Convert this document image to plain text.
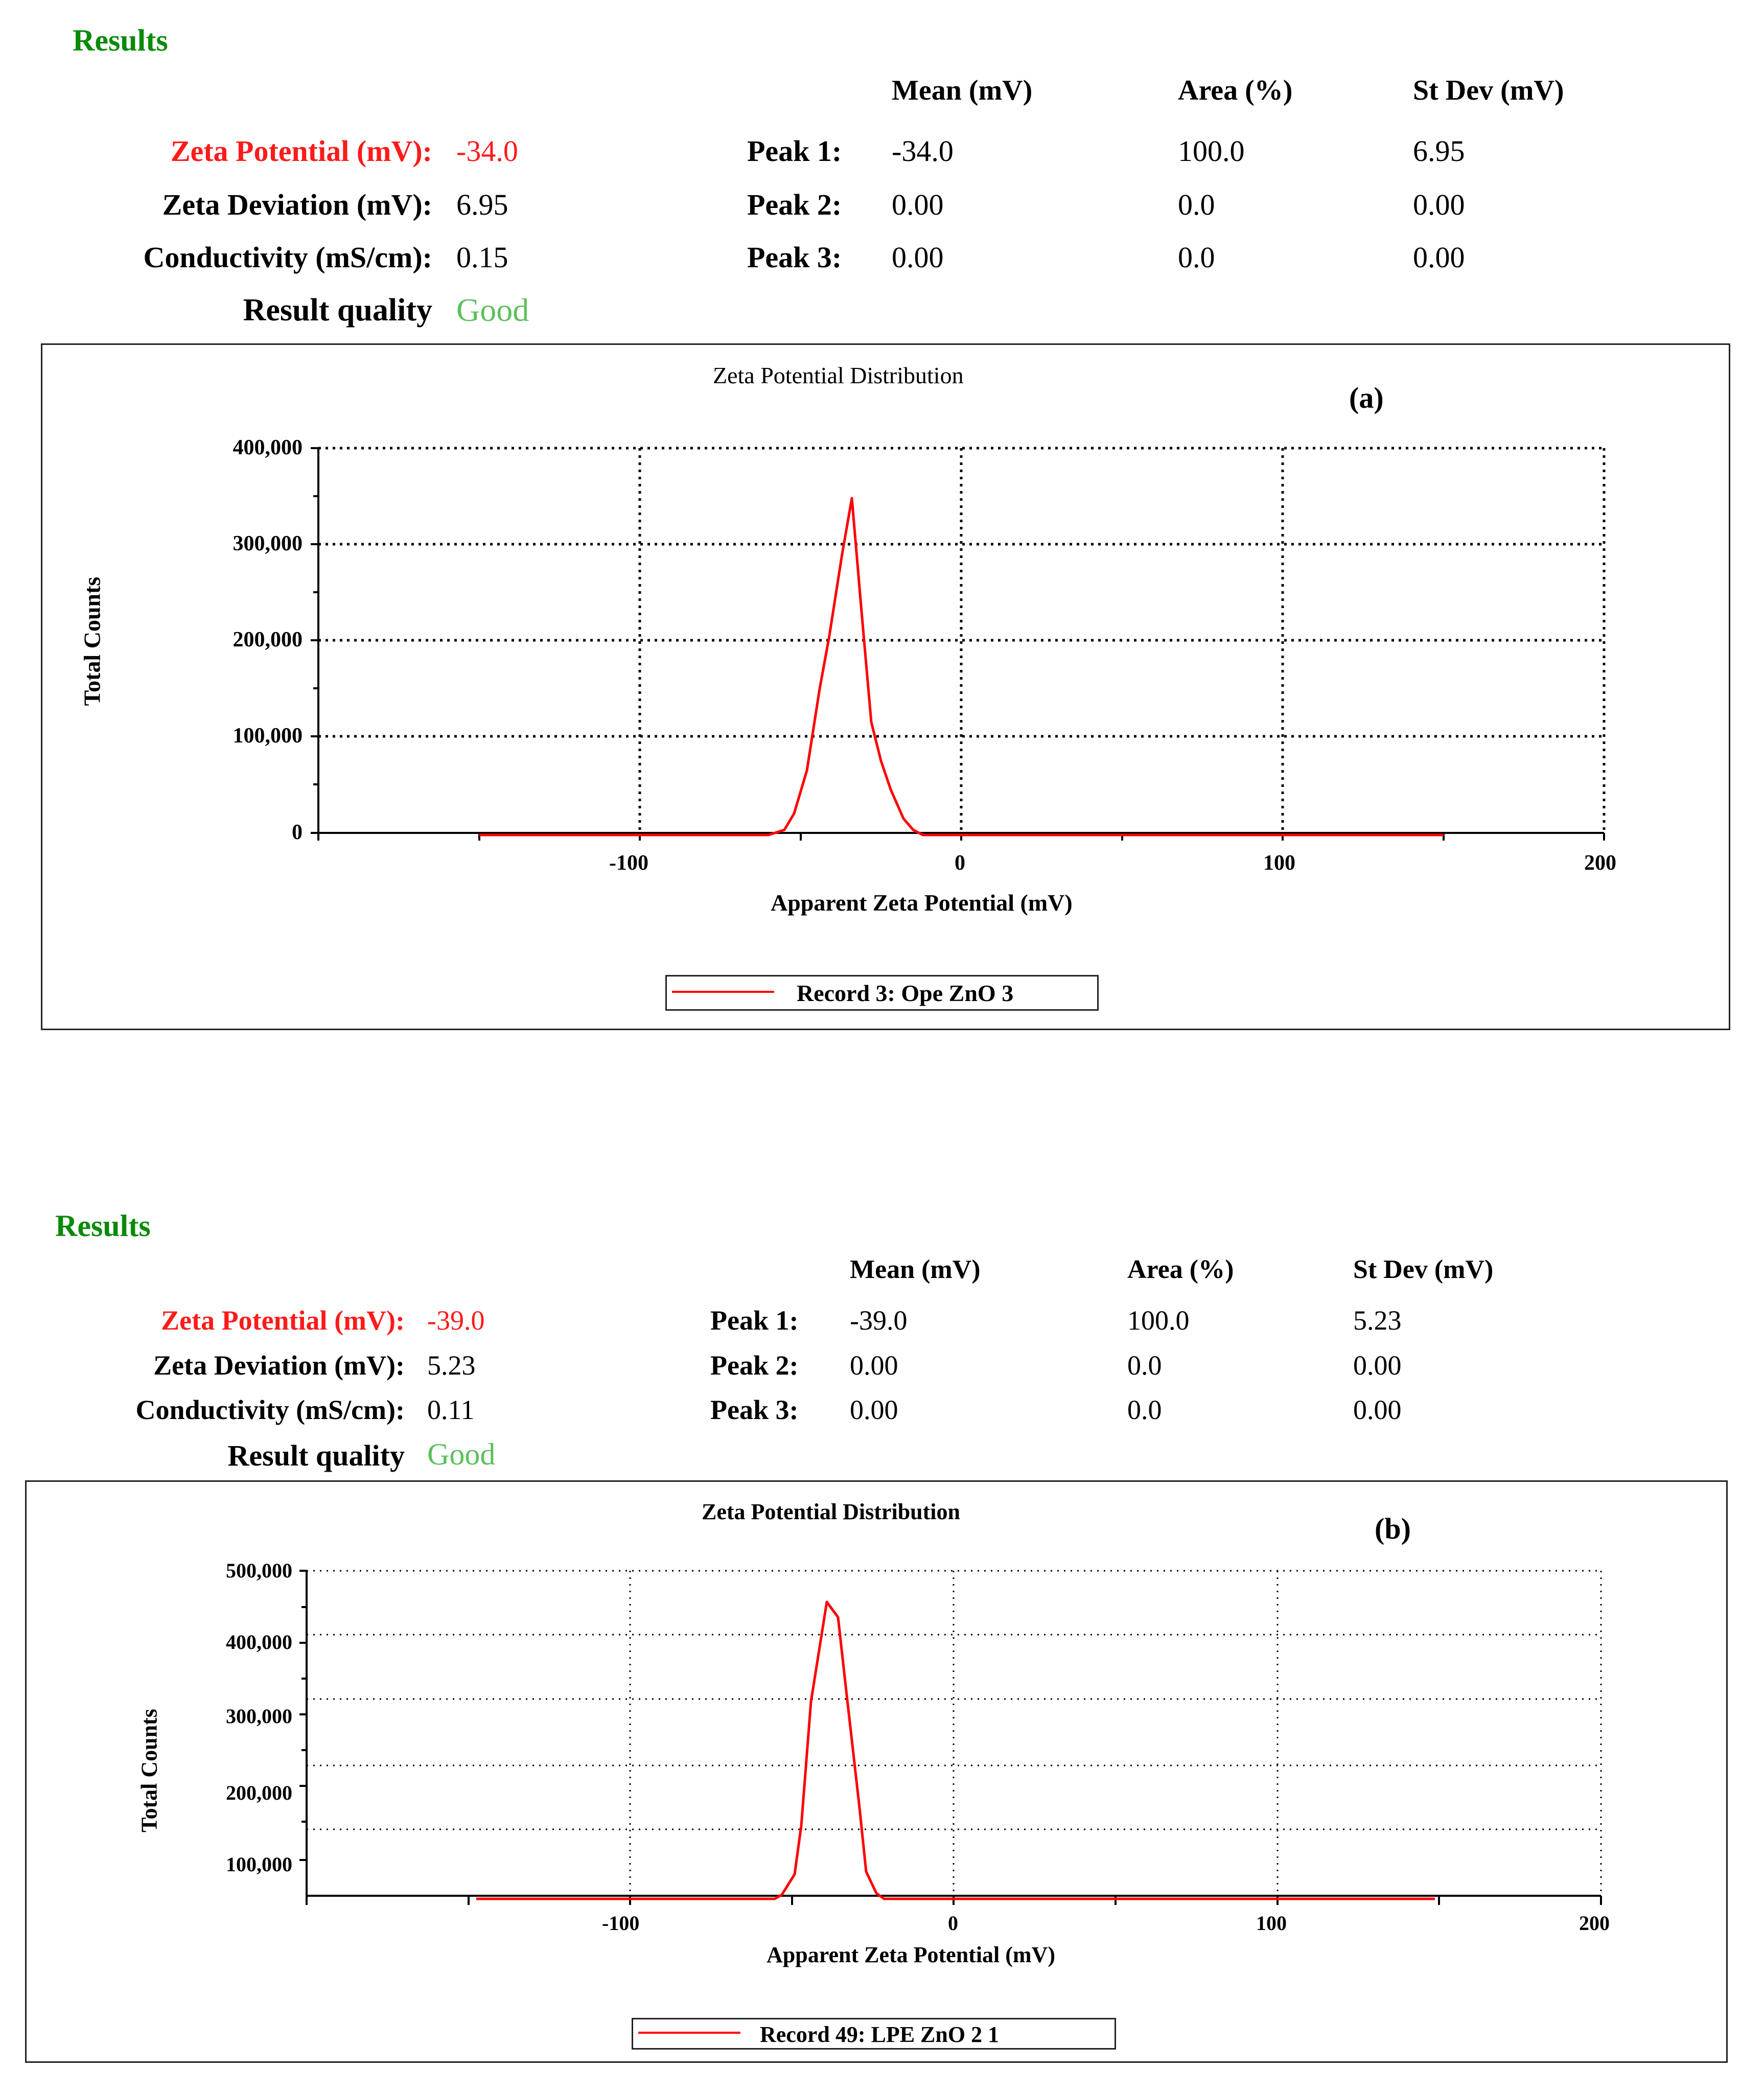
Results
Zeta Potential (mV): -34.0
Zeta Deviation (mV): 6.95
Conductivity (mS/cm): 0.15
Result quality Good
Mean (mV)	Area (%)	St Dev (mV)
Peak 1: -34.0	100.0	6.95
Peak 2: 0.00	0.0	0.00
Peak 3: 0.00	0.0	0.00
Zeta Potential Distribution
(a)
400,000
300,000
200,000
100,000
0
-100	0	100	200
Apparent Zeta Potential (mV)
Total Counts
Record 3: Ope ZnO 3
Results
Zeta Potential (mV): -39.0
Zeta Deviation (mV): 5.23
Conductivity (mS/cm): 0.11
Result quality Good
Mean (mV)	Area (%)	St Dev (mV)
Peak 1: -39.0	100.0	5.23
Peak 2: 0.00	0.0	0.00
Peak 3: 0.00	0.0	0.00
Zeta Potential Distribution
(b)
500,000
400,000
300,000
200,000
100,000
-100	0	100	200
Apparent Zeta Potential (mV)
Total Counts
Record 49: LPE ZnO 2 1
